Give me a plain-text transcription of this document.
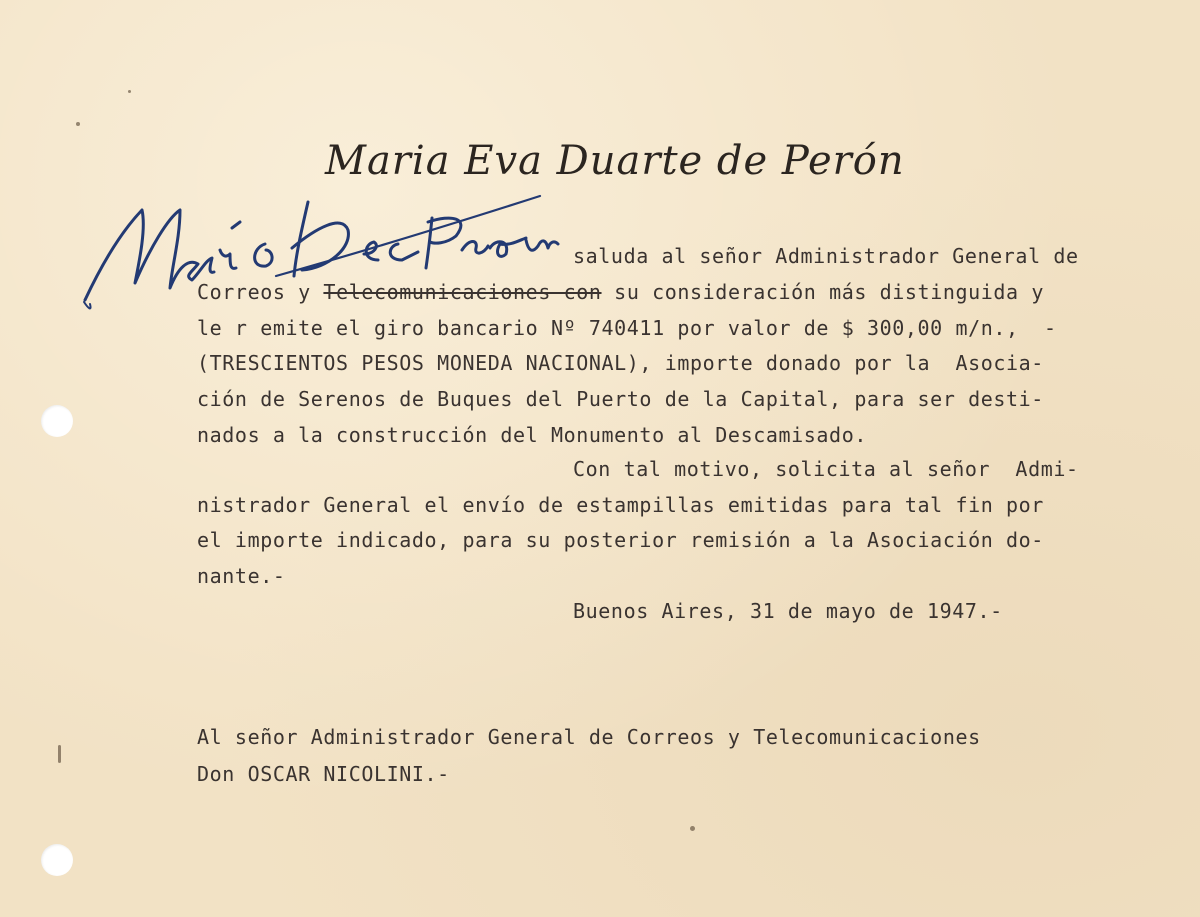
Maria Eva Duarte de Perón
saluda al señor Administrador General de
Correos y Telecomunicaciones con su consideración más distinguida y
le r emite el giro bancario Nº 740411 por valor de $ 300,00 m/n.,  -
(TRESCIENTOS PESOS MONEDA NACIONAL), importe donado por la  Asocia-
ción de Serenos de Buques del Puerto de la Capital, para ser desti-
nados a la construcción del Monumento al Descamisado.
Con tal motivo, solicita al señor  Admi-
nistrador General el envío de estampillas emitidas para tal fin por
el importe indicado, para su posterior remisión a la Asociación do-
nante.-
Buenos Aires, 31 de mayo de 1947.-
Al señor Administrador General de Correos y Telecomunicaciones
Don OSCAR NICOLINI.-
